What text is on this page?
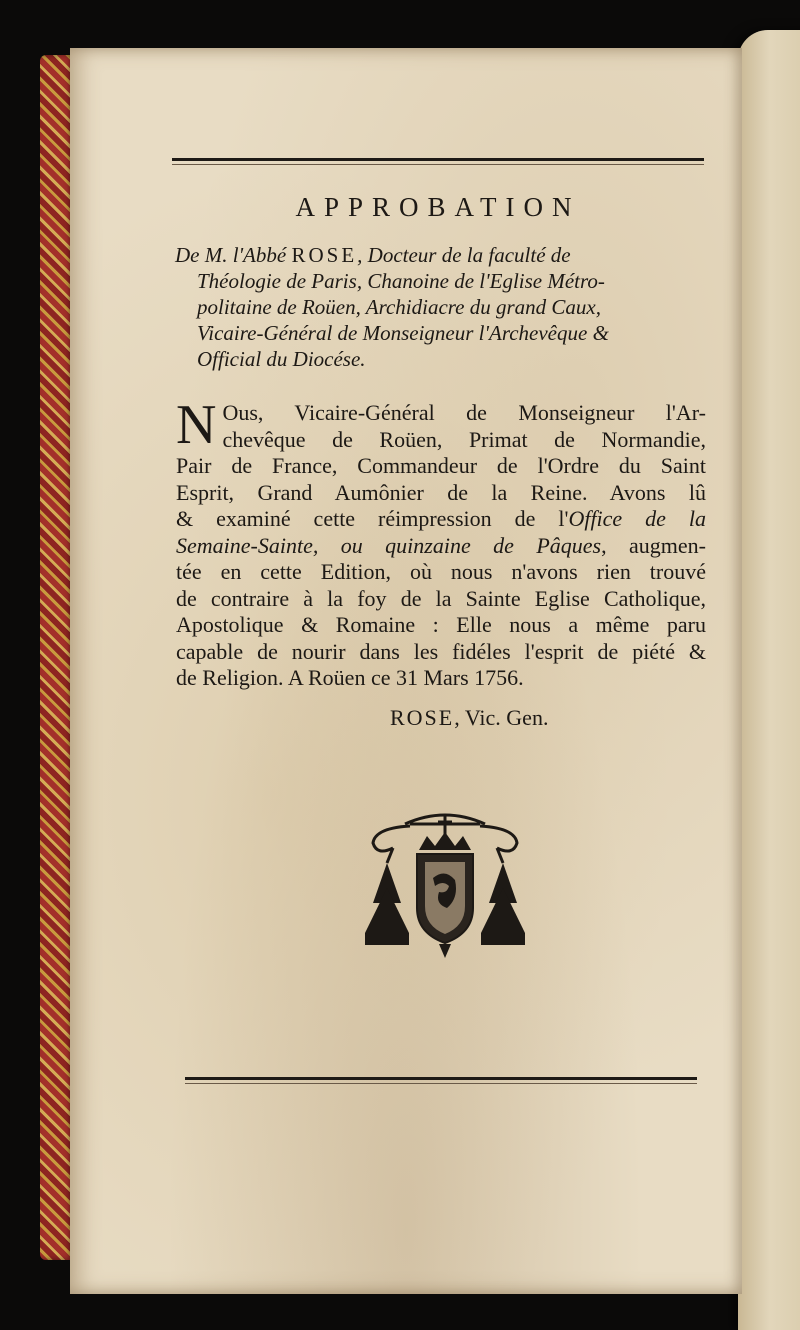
APPROBATION
De M. l'Abbé ROSE, Docteur de la faculté de
Théologie de Paris, Chanoine de l'Eglise Métro-
politaine de Roüen, Archidiacre du grand Caux,
Vicaire-Général de Monseigneur l'Archevêque &
Official du Diocése.
N Ous, Vicaire-Général de Monseigneur l'Ar-
chevêque de Roüen, Primat de Normandie,
Pair de France, Commandeur de l'Ordre du Saint
Esprit, Grand Aumônier de la Reine. Avons lû
& examiné cette réimpression de l'Office de la
Semaine-Sainte, ou quinzaine de Pâques, augmen-
tée en cette Edition, où nous n'avons rien trouvé
de contraire à la foy de la Sainte Eglise Catholique,
Apostolique & Romaine : Elle nous a même paru
capable de nourir dans les fidéles l'esprit de piété &
de Religion. A Roüen ce 31 Mars 1756.
ROSE, Vic. Gen.
